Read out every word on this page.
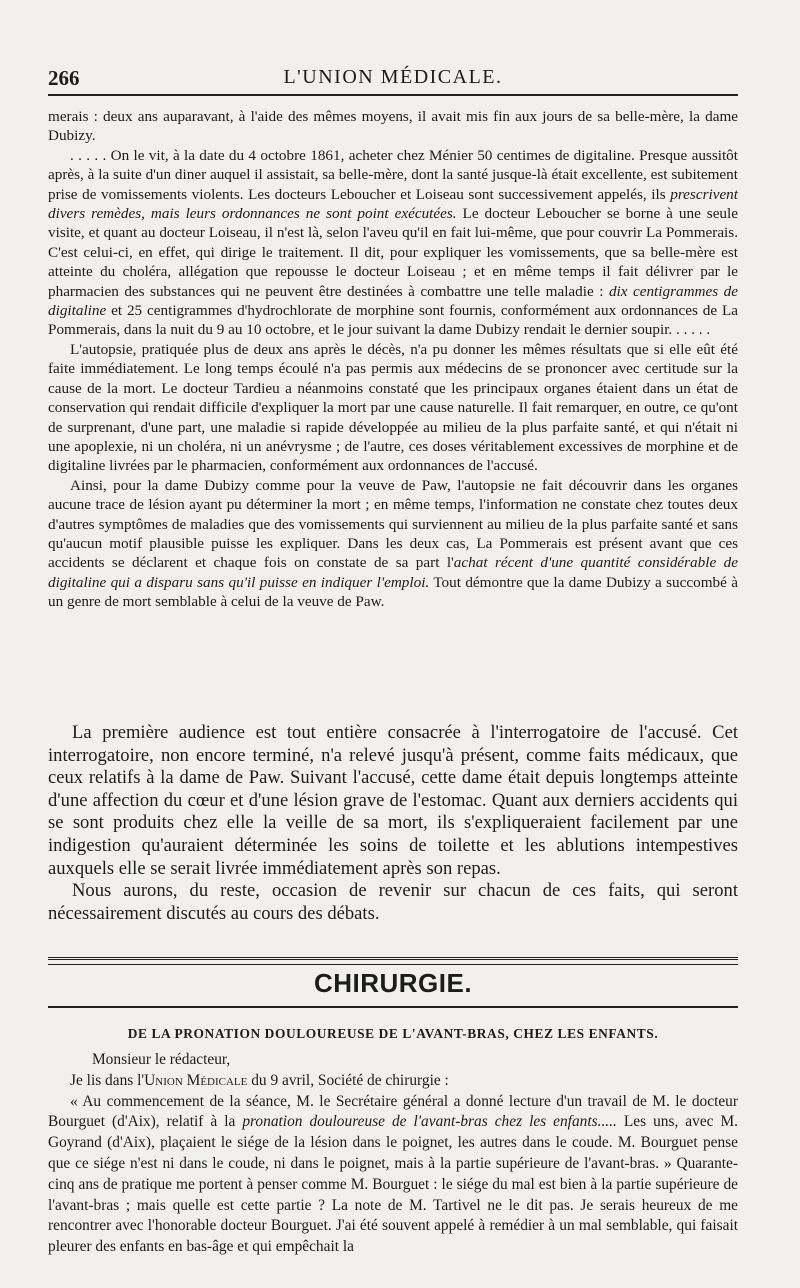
266	L'UNION MÉDICALE.

merais : deux ans auparavant, à l'aide des mêmes moyens, il avait mis fin aux jours de sa belle-mère, la dame Dubizy.

. . . . . On le vit, à la date du 4 octobre 1861, acheter chez Ménier 50 centimes de digitaline. Presque aussitôt après, à la suite d'un diner auquel il assistait, sa belle-mère, dont la santé jusque-là était excellente, est subitement prise de vomissements violents. Les docteurs Leboucher et Loiseau sont successivement appelés, ils prescrivent divers remèdes, mais leurs ordonnances ne sont point exécutées. Le docteur Leboucher se borne à une seule visite, et quant au docteur Loiseau, il n'est là, selon l'aveu qu'il en fait lui-même, que pour couvrir La Pommerais. C'est celui-ci, en effet, qui dirige le traitement. Il dit, pour expliquer les vomissements, que sa belle-mère est atteinte du choléra, allégation que repousse le docteur Loiseau ; et en même temps il fait délivrer par le pharmacien des substances qui ne peuvent être destinées à combattre une telle maladie : dix centigrammes de digitaline et 25 centigrammes d'hydrochlorate de morphine sont fournis, conformément aux ordonnances de La Pommerais, dans la nuit du 9 au 10 octobre, et le jour suivant la dame Dubizy rendait le dernier soupir. . . . . .

L'autopsie, pratiquée plus de deux ans après le décès, n'a pu donner les mêmes résultats que si elle eût été faite immédiatement. Le long temps écoulé n'a pas permis aux médecins de se prononcer avec certitude sur la cause de la mort. Le docteur Tardieu a néanmoins constaté que les principaux organes étaient dans un état de conservation qui rendait difficile d'expliquer la mort par une cause naturelle. Il fait remarquer, en outre, ce qu'ont de surprenant, d'une part, une maladie si rapide développée au milieu de la plus parfaite santé, et qui n'était ni une apoplexie, ni un choléra, ni un anévrysme ; de l'autre, ces doses véritablement excessives de morphine et de digitaline livrées par le pharmacien, conformément aux ordonnances de l'accusé.

Ainsi, pour la dame Dubizy comme pour la veuve de Paw, l'autopsie ne fait découvrir dans les organes aucune trace de lésion ayant pu déterminer la mort ; en même temps, l'information ne constate chez toutes deux d'autres symptômes de maladies que des vomissements qui surviennent au milieu de la plus parfaite santé et sans qu'aucun motif plausible puisse les expliquer. Dans les deux cas, La Pommerais est présent avant que ces accidents se déclarent et chaque fois on constate de sa part l'achat récent d'une quantité considérable de digitaline qui a disparu sans qu'il puisse en indiquer l'emploi. Tout démontre que la dame Dubizy a succombé à un genre de mort semblable à celui de la veuve de Paw.

La première audience est tout entière consacrée à l'interrogatoire de l'accusé. Cet interrogatoire, non encore terminé, n'a relevé jusqu'à présent, comme faits médicaux, que ceux relatifs à la dame de Paw. Suivant l'accusé, cette dame était depuis longtemps atteinte d'une affection du cœur et d'une lésion grave de l'estomac. Quant aux derniers accidents qui se sont produits chez elle la veille de sa mort, ils s'expliqueraient facilement par une indigestion qu'auraient déterminée les soins de toilette et les ablutions intempestives auxquels elle se serait livrée immédiatement après son repas.

Nous aurons, du reste, occasion de revenir sur chacun de ces faits, qui seront nécessairement discutés au cours des débats.

CHIRURGIE.
DE LA PRONATION DOULOUREUSE DE L'AVANT-BRAS, CHEZ LES ENFANTS.

Monsieur le rédacteur,

Je lis dans l'Union Médicale du 9 avril, Société de chirurgie :

« Au commencement de la séance, M. le Secrétaire général a donné lecture d'un travail de M. le docteur Bourguet (d'Aix), relatif à la pronation douloureuse de l'avant-bras chez les enfants..... Les uns, avec M. Goyrand (d'Aix), plaçaient le siége de la lésion dans le poignet, les autres dans le coude. M. Bourguet pense que ce siége n'est ni dans le coude, ni dans le poignet, mais à la partie supérieure de l'avant-bras. » Quarante-cinq ans de pratique me portent à penser comme M. Bourguet : le siége du mal est bien à la partie supérieure de l'avant-bras ; mais quelle est cette partie ? La note de M. Tartivel ne le dit pas. Je serais heureux de me rencontrer avec l'honorable docteur Bourguet. J'ai été souvent appelé à remédier à un mal semblable, qui faisait pleurer des enfants en bas-âge et qui empêchait la
